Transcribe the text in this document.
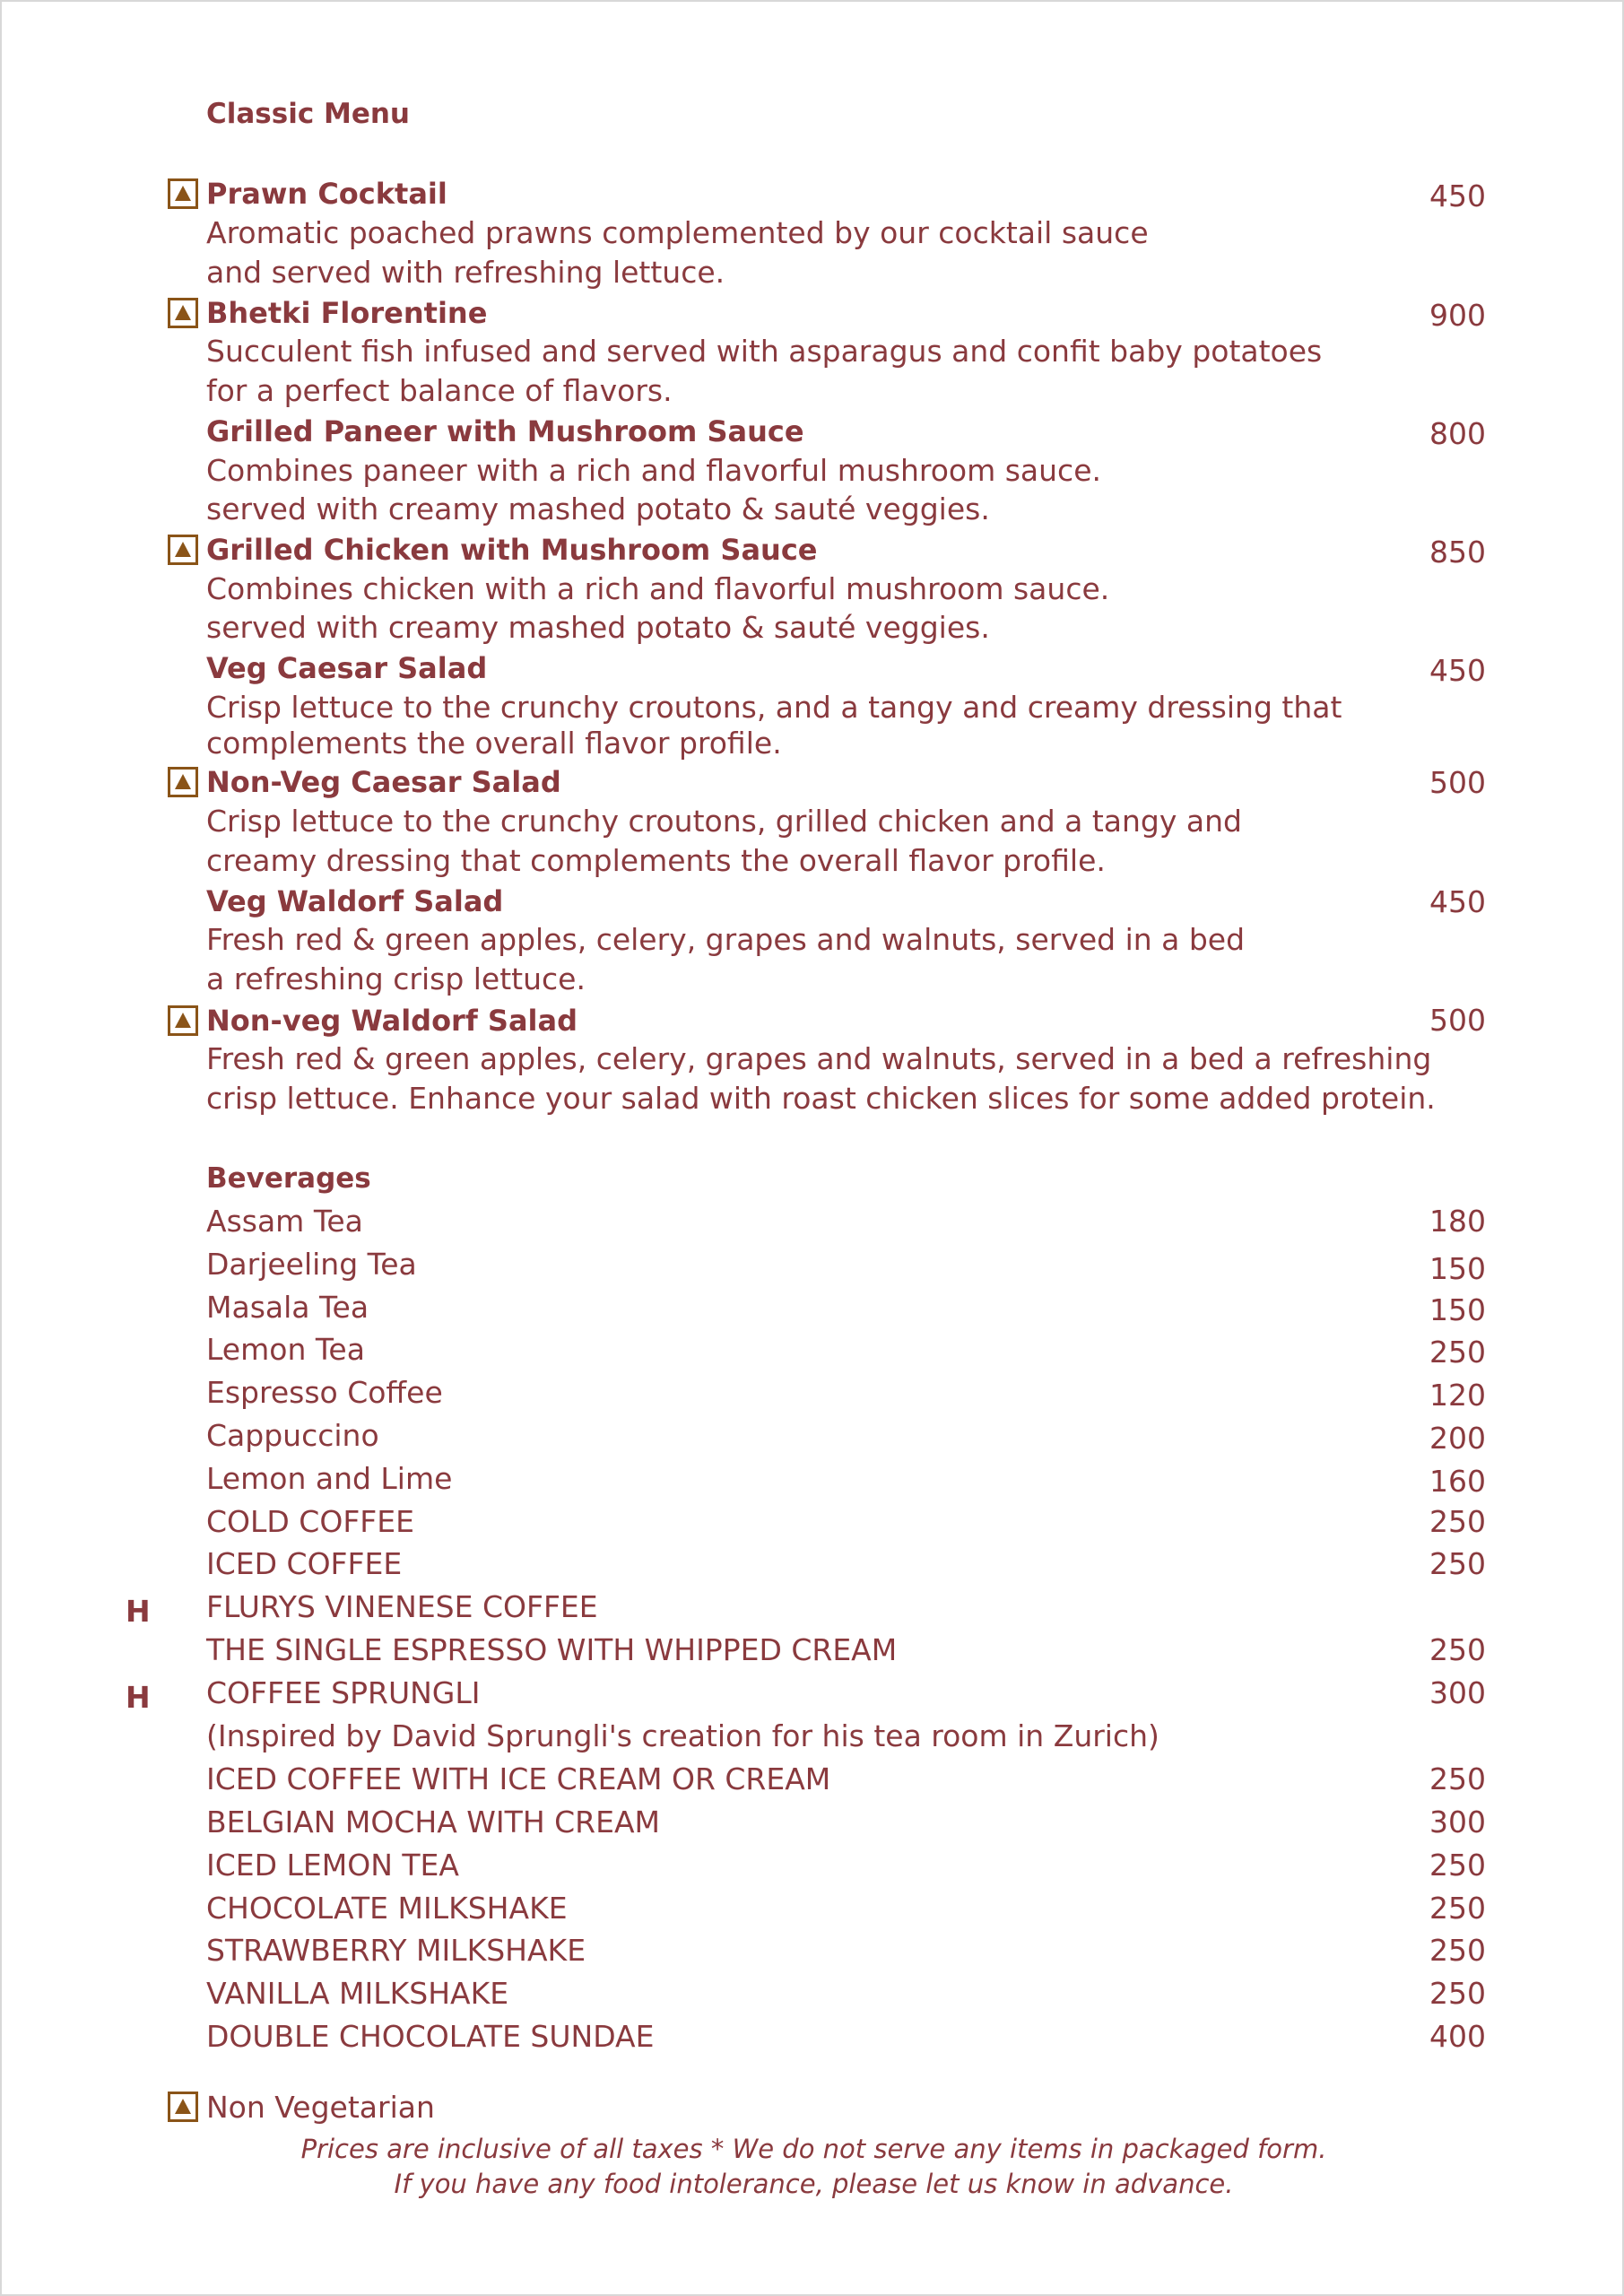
Classic Menu
Prawn Cocktail	450
Aromatic poached prawns complemented by our cocktail sauce
and served with refreshing lettuce.
Bhetki Florentine	900
Succulent fish infused and served with asparagus and confit baby potatoes
for a perfect balance of flavors.
Grilled Paneer with Mushroom Sauce	800
Combines paneer with a rich and flavorful mushroom sauce.
served with creamy mashed potato & sauté veggies.
Grilled Chicken with Mushroom Sauce	850
Combines chicken with a rich and flavorful mushroom sauce.
served with creamy mashed potato & sauté veggies.
Veg Caesar Salad	450
Crisp lettuce to the crunchy croutons, and a tangy and creamy dressing that
complements the overall flavor profile.
Non-Veg Caesar Salad	500
Crisp lettuce to the crunchy croutons, grilled chicken and a tangy and
creamy dressing that complements the overall flavor profile.
Veg Waldorf Salad	450
Fresh red & green apples, celery, grapes and walnuts, served in a bed
a refreshing crisp lettuce.
Non-veg Waldorf Salad	500
Fresh red & green apples, celery, grapes and walnuts, served in a bed a refreshing
crisp lettuce. Enhance your salad with roast chicken slices for some added protein.
Beverages
Assam Tea	180
Darjeeling Tea	150
Masala Tea	150
Lemon Tea	250
Espresso Coffee	120
Cappuccino	200
Lemon and Lime	160
COLD COFFEE	250
ICED COFFEE	250
H FLURYS VINENESE COFFEE
THE SINGLE ESPRESSO WITH WHIPPED CREAM	250
H COFFEE SPRUNGLI	300
(Inspired by David Sprungli's creation for his tea room in Zurich)
ICED COFFEE WITH ICE CREAM OR CREAM	250
BELGIAN MOCHA WITH CREAM	300
ICED LEMON TEA	250
CHOCOLATE MILKSHAKE	250
STRAWBERRY MILKSHAKE	250
VANILLA MILKSHAKE	250
DOUBLE CHOCOLATE SUNDAE	400
Non Vegetarian
Prices are inclusive of all taxes * We do not serve any items in packaged form.
If you have any food intolerance, please let us know in advance.
